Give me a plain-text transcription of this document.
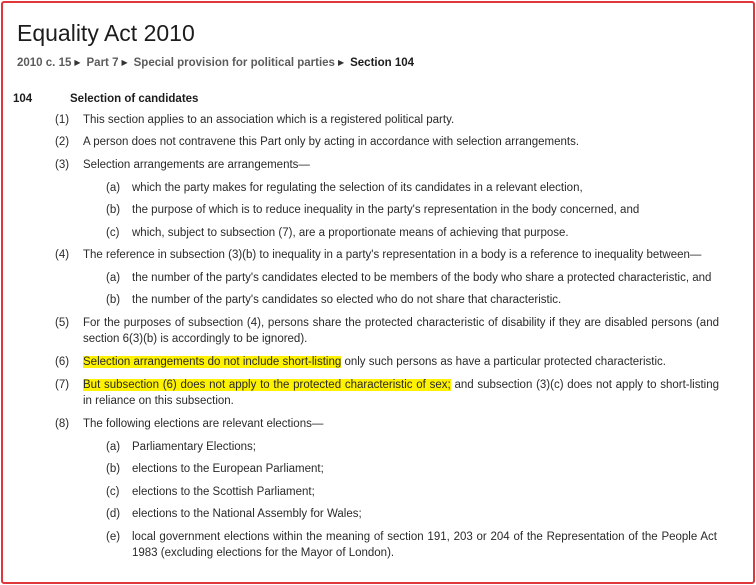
Equality Act 2010
2010 c. 15 ▶ Part 7 ▶ Special provision for political parties ▶ Section 104
104	Selection of candidates
(1) This section applies to an association which is a registered political party.
(2) A person does not contravene this Part only by acting in accordance with selection arrangements.
(3) Selection arrangements are arrangements—
(a) which the party makes for regulating the selection of its candidates in a relevant election,
(b) the purpose of which is to reduce inequality in the party's representation in the body concerned, and
(c) which, subject to subsection (7), are a proportionate means of achieving that purpose.
(4) The reference in subsection (3)(b) to inequality in a party's representation in a body is a reference to inequality between—
(a) the number of the party's candidates elected to be members of the body who share a protected characteristic, and
(b) the number of the party's candidates so elected who do not share that characteristic.
(5) For the purposes of subsection (4), persons share the protected characteristic of disability if they are disabled persons (and section 6(3)(b) is accordingly to be ignored).
(6) Selection arrangements do not include short-listing only such persons as have a particular protected characteristic.
(7) But subsection (6) does not apply to the protected characteristic of sex; and subsection (3)(c) does not apply to short-listing in reliance on this subsection.
(8) The following elections are relevant elections—
(a) Parliamentary Elections;
(b) elections to the European Parliament;
(c) elections to the Scottish Parliament;
(d) elections to the National Assembly for Wales;
(e) local government elections within the meaning of section 191, 203 or 204 of the Representation of the People Act 1983 (excluding elections for the Mayor of London).
